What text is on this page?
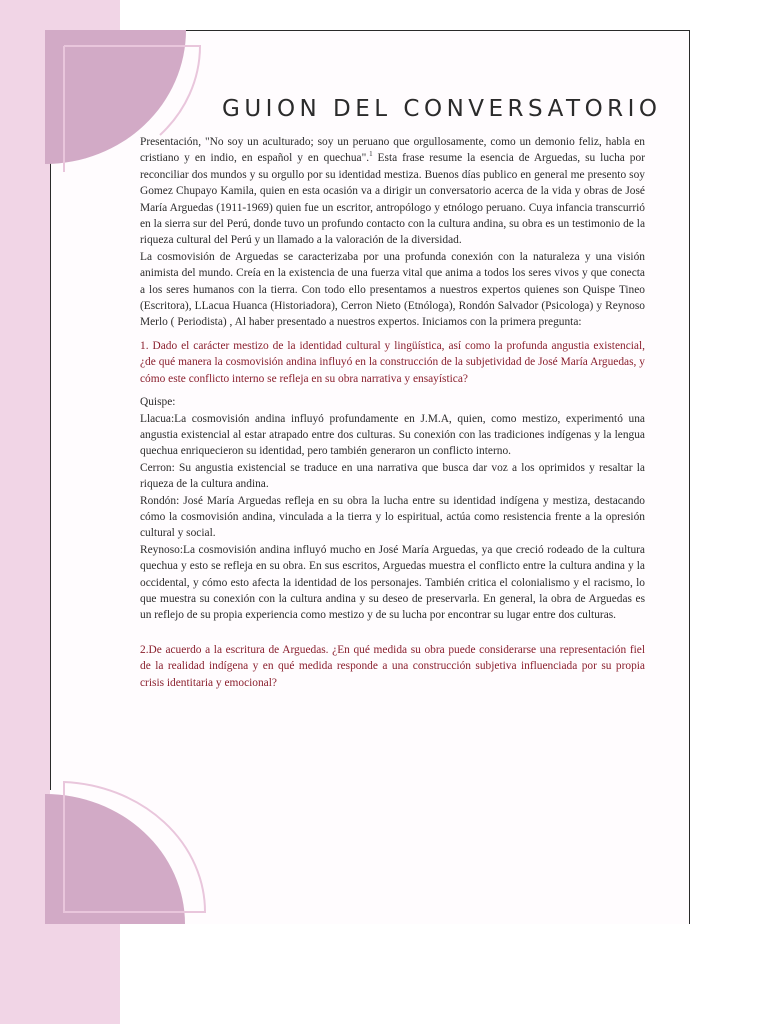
GUION DEL CONVERSATORIO

Presentación, "No soy un aculturado; soy un peruano que orgullosamente, como un demonio feliz, habla en cristiano y en indio, en español y en quechua".$^1$ Esta frase resume la esencia de Arguedas, su lucha por reconciliar dos mundos y su orgullo por su identidad mestiza. Buenos días publico en general me presento soy Gomez Chupayo Kamila, quien en esta ocasión va a dirigir un conversatorio acerca de la vida y obras de José María Arguedas (1911-1969) quien fue un escritor, antropólogo y etnólogo peruano. Cuya infancia transcurrió en la sierra sur del Perú, donde tuvo un profundo contacto con la cultura andina, su obra es un testimonio de la riqueza cultural del Perú y un llamado a la valoración de la diversidad.

La cosmovisión de Arguedas se caracterizaba por una profunda conexión con la naturaleza y una visión animista del mundo. Creía en la existencia de una fuerza vital que anima a todos los seres vivos y que conecta a los seres humanos con la tierra. Con todo ello presentamos a nuestros expertos quienes son Quispe Tineo (Escritora), LLacua Huanca (Historiadora), Cerron Nieto (Etnóloga), Rondón Salvador (Psicologa) y Reynoso Merlo ( Periodista) , Al haber presentado a nuestros expertos. Iniciamos con la primera pregunta:

1. Dado el carácter mestizo de la identidad cultural y lingüística, así como la profunda angustia existencial, ¿de qué manera la cosmovisión andina influyó en la construcción de la subjetividad de José María Arguedas, y cómo este conflicto interno se refleja en su obra narrativa y ensayística?

Quispe:

Llacua:La cosmovisión andina influyó profundamente en J.M.A, quien, como mestizo, experimentó una angustia existencial al estar atrapado entre dos culturas. Su conexión con las tradiciones indígenas y la lengua quechua enriquecieron su identidad, pero también generaron un conflicto interno.

Cerron: Su angustia existencial se traduce en una narrativa que busca dar voz a los oprimidos y resaltar la riqueza de la cultura andina.

Rondón: José María Arguedas refleja en su obra la lucha entre su identidad indígena y mestiza, destacando cómo la cosmovisión andina, vinculada a la tierra y lo espiritual, actúa como resistencia frente a la opresión cultural y social.

Reynoso:La cosmovisión andina influyó mucho en José María Arguedas, ya que creció rodeado de la cultura quechua y esto se refleja en su obra. En sus escritos, Arguedas muestra el conflicto entre la cultura andina y la occidental, y cómo esto afecta la identidad de los personajes. También critica el colonialismo y el racismo, lo que muestra su conexión con la cultura andina y su deseo de preservarla. En general, la obra de Arguedas es un reflejo de su propia experiencia como mestizo y de su lucha por encontrar su lugar entre dos culturas.

2.De acuerdo a la escritura de Arguedas. ¿En qué medida su obra puede considerarse una representación fiel de la realidad indígena y en qué medida responde a una construcción subjetiva influenciada por su propia crisis identitaria y emocional?
